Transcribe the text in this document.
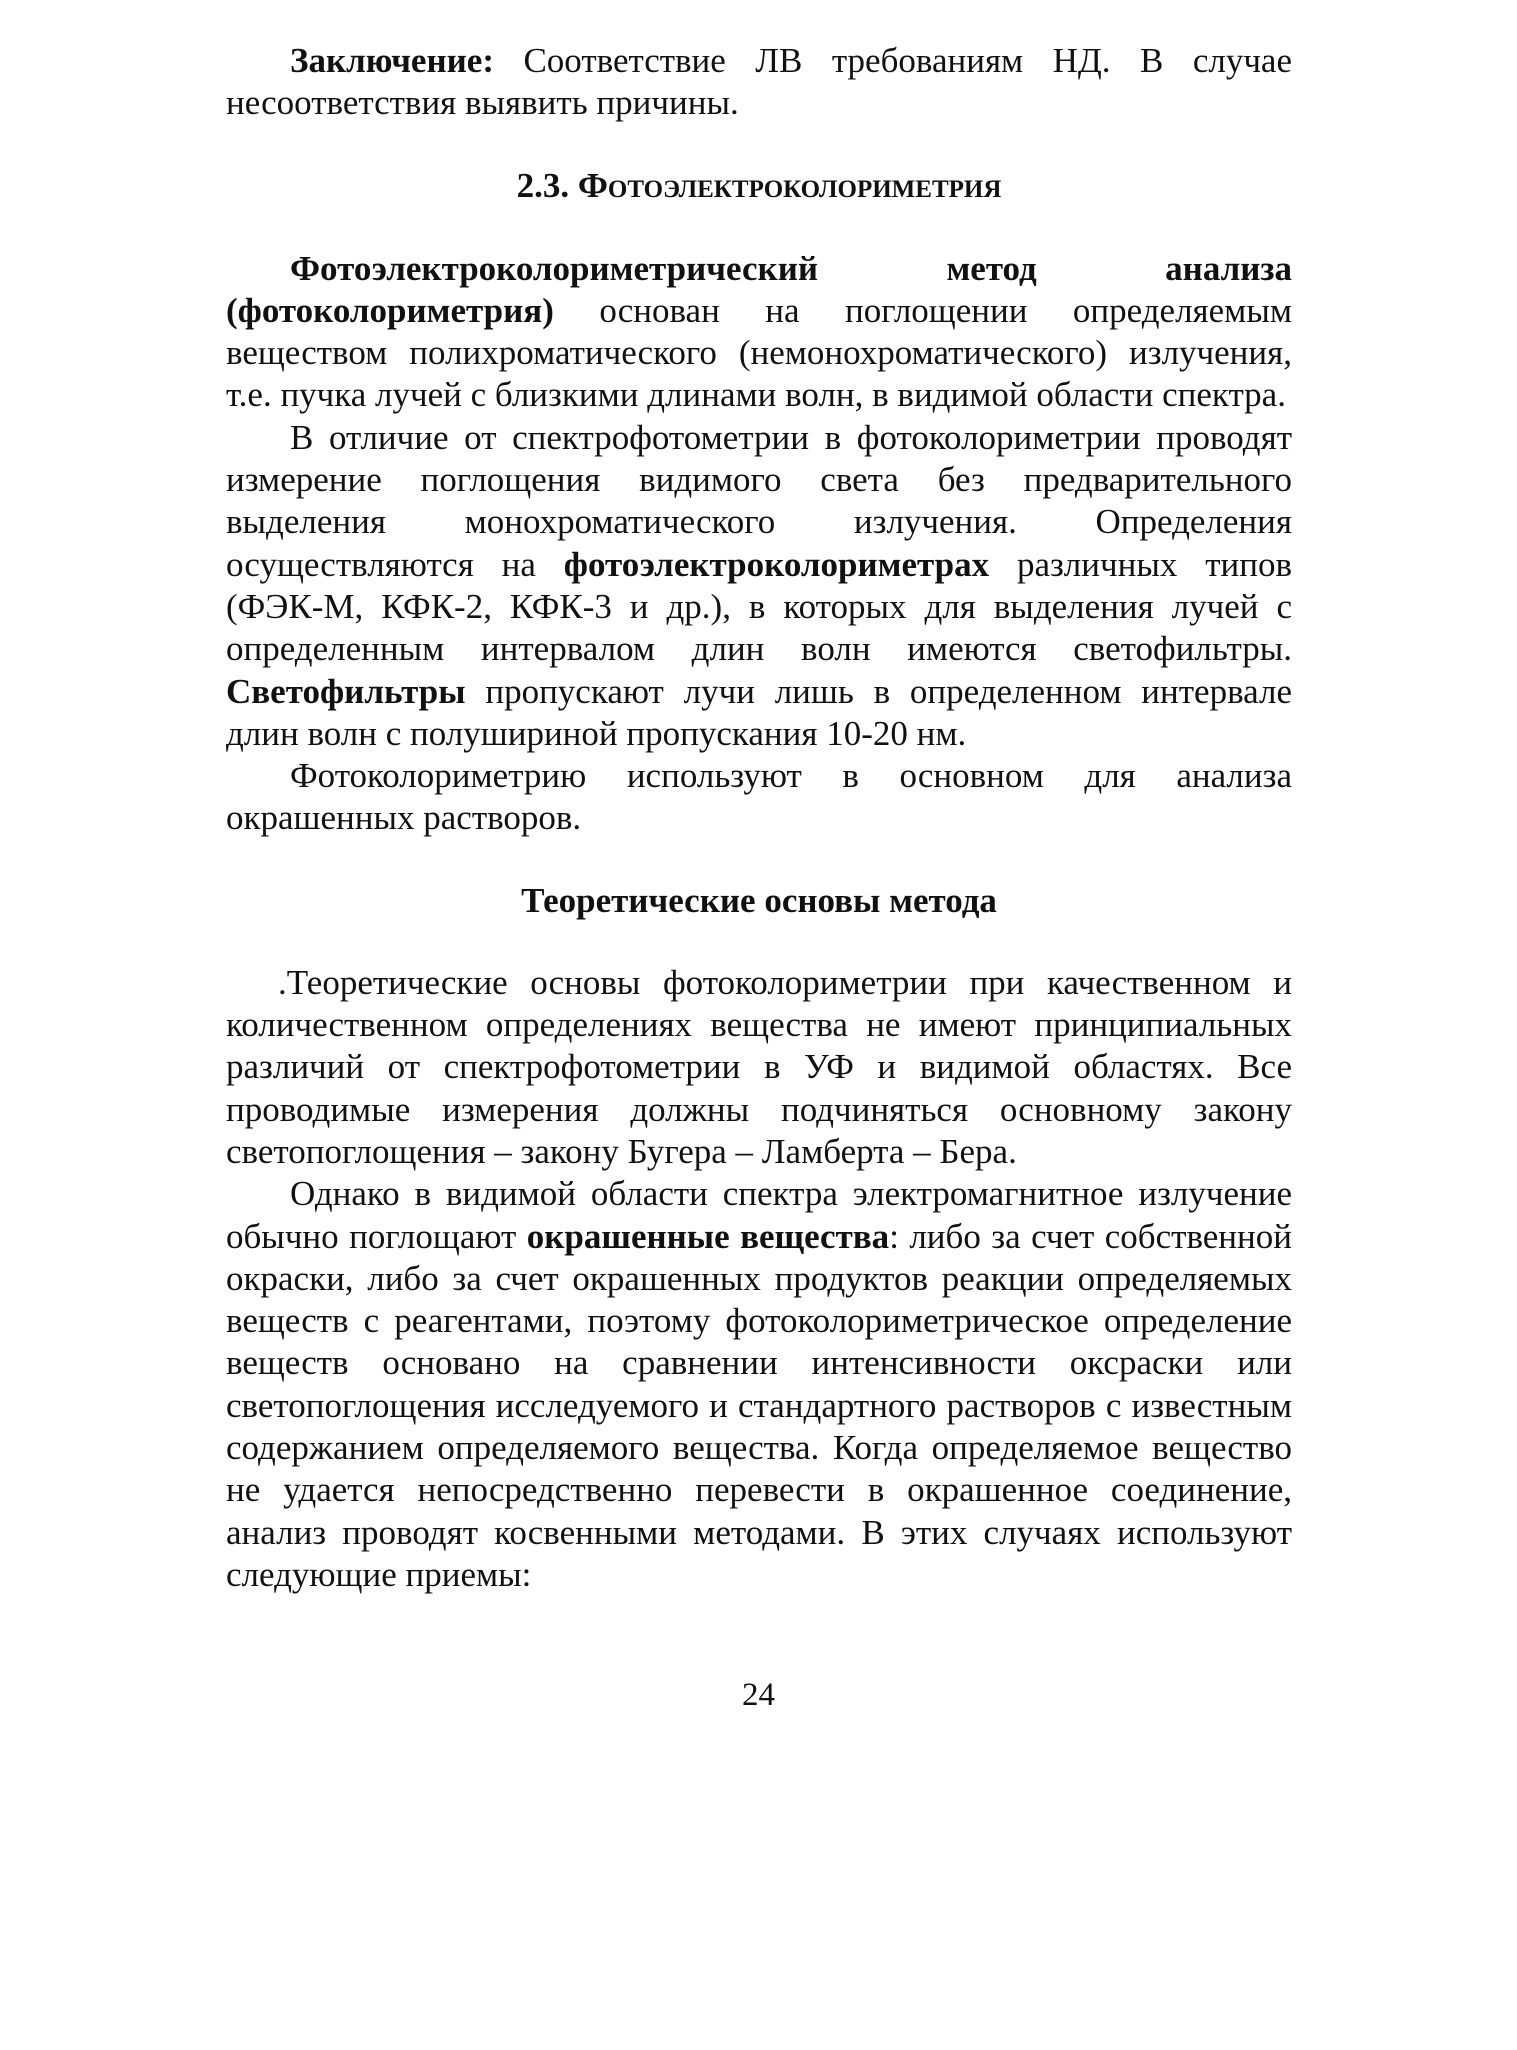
Заключение: Соответствие ЛВ требованиям НД. В случае несоответствия выявить причины.

2.3. Фотоэлектроколориметрия

Фотоэлектроколориметрический метод анализа (фотоколориметрия) основан на поглощении определяемым веществом полихроматического (немонохроматического) излучения, т.е. пучка лучей с близкими длинами волн, в видимой области спектра.

В отличие от спектрофотометрии в фотоколориметрии проводят измерение поглощения видимого света без предварительного выделения монохроматического излучения. Определения осуществляются на фотоэлектроколориметрах различных типов (ФЭК-М, КФК-2, КФК-3 и др.), в которых для выделения лучей с определенным интервалом длин волн имеются светофильтры. Светофильтры пропускают лучи лишь в определенном интервале длин волн с полушириной пропускания 10-20 нм.

Фотоколориметрию используют в основном для анализа окрашенных растворов.

Теоретические основы метода

.Теоретические основы фотоколориметрии при качественном и количественном определениях вещества не имеют принципиальных различий от спектрофотометрии в УФ и видимой областях. Все проводимые измерения должны подчиняться основному закону светопоглощения – закону Бугера – Ламберта – Бера.

Однако в видимой области спектра электромагнитное излучение обычно поглощают окрашенные вещества: либо за счет собственной окраски, либо за счет окрашенных продуктов реакции определяемых веществ с реагентами, поэтому фотоколориметрическое определение веществ основано на сравнении интенсивности оксраски или светопоглощения исследуемого и стандартного растворов с известным содержанием определяемого вещества. Когда определяемое вещество не удается непосредственно перевести в окрашенное соединение, анализ проводят косвенными методами. В этих случаях используют следующие приемы:

24
